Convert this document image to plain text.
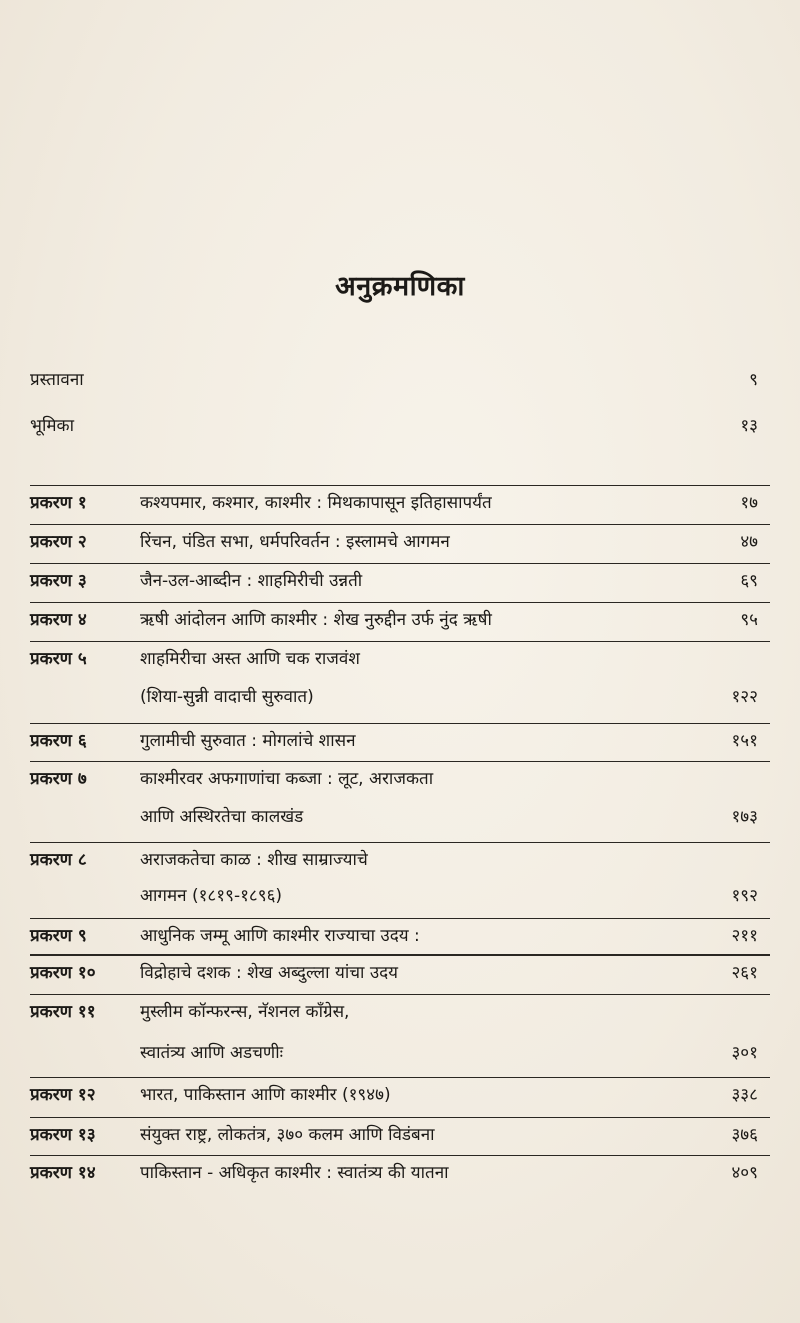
अनुक्रमणिका
प्रस्तावना	९
भूमिका	१३
प्रकरण १	कश्यपमार, कश्मार, काश्मीर : मिथकापासून इतिहासापर्यंत	१७
प्रकरण २	रिंचन, पंडित सभा, धर्मपरिवर्तन : इस्लामचे आगमन	४७
प्रकरण ३	जैन-उल-आब्दीन : शाहमिरीची उन्नती	६९
प्रकरण ४	ऋषी आंदोलन आणि काश्मीर : शेख नुरुद्दीन उर्फ नुंद ऋषी	९५
प्रकरण ५	शाहमिरीचा अस्त आणि चक राजवंश
(शिया-सुन्नी वादाची सुरुवात)	१२२
प्रकरण ६	गुलामीची सुरुवात : मोगलांचे शासन	१५१
प्रकरण ७	काश्मीरवर अफगाणांचा कब्जा : लूट, अराजकता
आणि अस्थिरतेचा कालखंड	१७३
प्रकरण ८	अराजकतेचा काळ : शीख साम्राज्याचे
आगमन (१८१९-१८९६)	१९२
प्रकरण ९	आधुनिक जम्मू आणि काश्मीर राज्याचा उदय :	२११
प्रकरण १०	विद्रोहाचे दशक : शेख अब्दुल्ला यांचा उदय	२६१
प्रकरण ११	मुस्लीम कॉन्फरन्स, नॅशनल कॉंग्रेस,
स्वातंत्र्य आणि अडचणीः	३०१
प्रकरण १२	भारत, पाकिस्तान आणि काश्मीर (१९४७)	३३८
प्रकरण १३	संयुक्त राष्ट्र, लोकतंत्र, ३७० कलम आणि विडंबना	३७६
प्रकरण १४	पाकिस्तान - अधिकृत काश्मीर : स्वातंत्र्य की यातना	४०९
